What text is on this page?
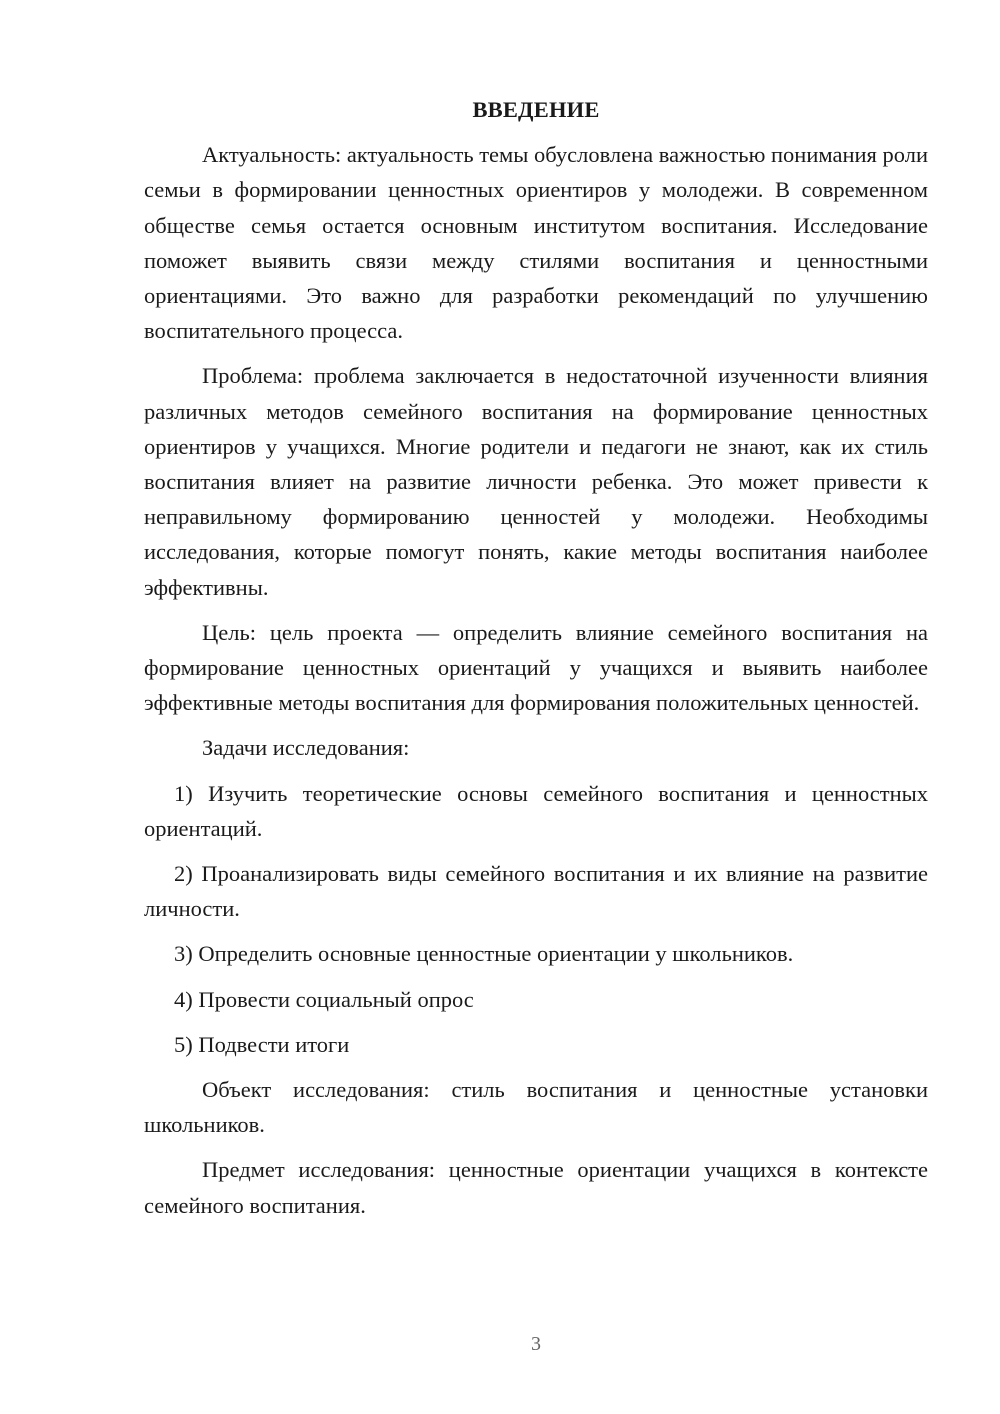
ВВЕДЕНИЕ

Актуальность: актуальность темы обусловлена важностью понимания роли семьи в формировании ценностных ориентиров у молодежи. В современном обществе семья остается основным институтом воспитания. Исследование поможет выявить связи между стилями воспитания и ценностными ориентациями. Это важно для разработки рекомендаций по улучшению воспитательного процесса.

Проблема: проблема заключается в недостаточной изученности влияния различных методов семейного воспитания на формирование ценностных ориентиров у учащихся. Многие родители и педагоги не знают, как их стиль воспитания влияет на развитие личности ребенка. Это может привести к неправильному формированию ценностей у молодежи. Необходимы исследования, которые помогут понять, какие методы воспитания наиболее эффективны.

Цель: цель проекта — определить влияние семейного воспитания на формирование ценностных ориентаций у учащихся и выявить наиболее эффективные методы воспитания для формирования положительных ценностей.

Задачи исследования:

1) Изучить теоретические основы семейного воспитания и ценностных ориентаций.

2) Проанализировать виды семейного воспитания и их влияние на развитие личности.

3) Определить основные ценностные ориентации у школьников.

4) Провести социальный опрос

5) Подвести итоги

Объект исследования: стиль воспитания и ценностные установки школьников.

Предмет исследования: ценностные ориентации учащихся в контексте семейного воспитания.

3
